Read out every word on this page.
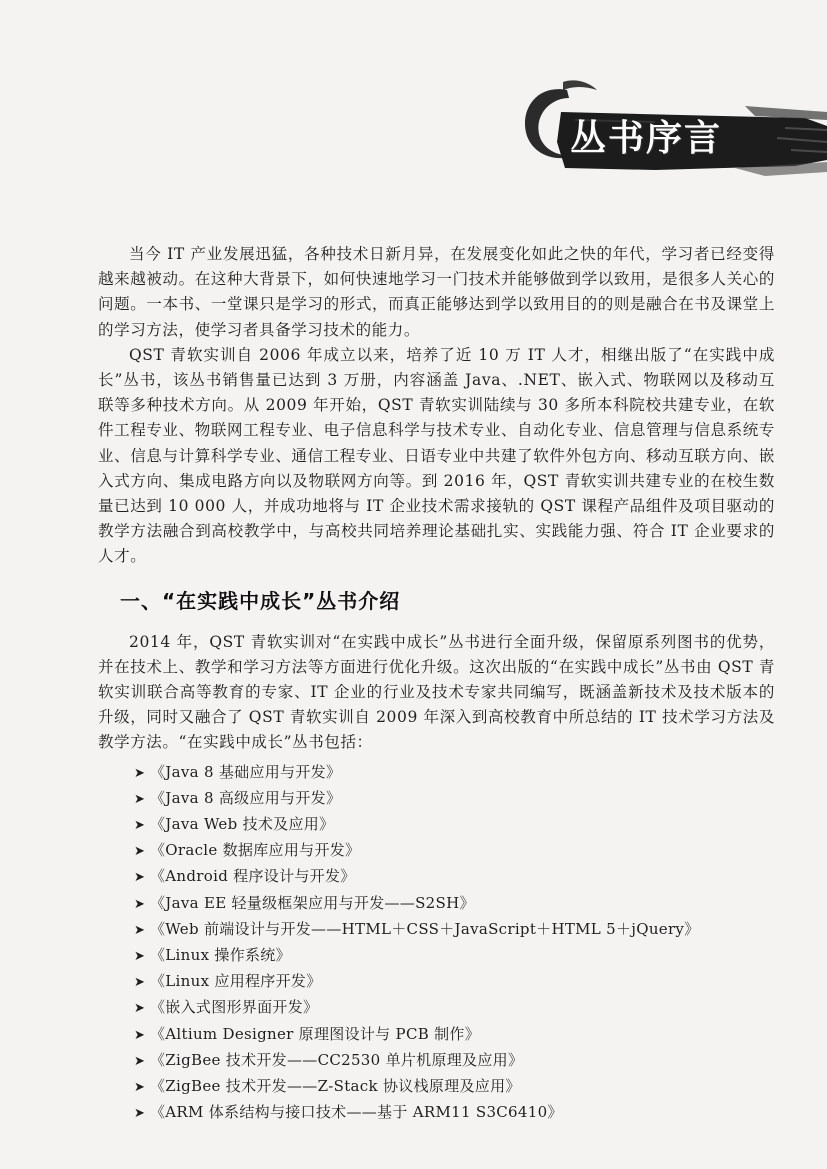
丛书序言

当今 IT 产业发展迅猛，各种技术日新月异，在发展变化如此之快的年代，学习者已经变得越来越被动。在这种大背景下，如何快速地学习一门技术并能够做到学以致用，是很多人关心的问题。一本书、一堂课只是学习的形式，而真正能够达到学以致用目的的则是融合在书及课堂上的学习方法，使学习者具备学习技术的能力。

QST 青软实训自 2006 年成立以来，培养了近 10 万 IT 人才，相继出版了“在实践中成长”丛书，该丛书销售量已达到 3 万册，内容涵盖 Java、.NET、嵌入式、物联网以及移动互联等多种技术方向。从 2009 年开始，QST 青软实训陆续与 30 多所本科院校共建专业，在软件工程专业、物联网工程专业、电子信息科学与技术专业、自动化专业、信息管理与信息系统专业、信息与计算科学专业、通信工程专业、日语专业中共建了软件外包方向、移动互联方向、嵌入式方向、集成电路方向以及物联网方向等。到 2016 年，QST 青软实训共建专业的在校生数量已达到 10 000 人，并成功地将与 IT 企业技术需求接轨的 QST 课程产品组件及项目驱动的教学方法融合到高校教学中，与高校共同培养理论基础扎实、实践能力强、符合 IT 企业要求的人才。

一、“在实践中成长”丛书介绍

2014 年，QST 青软实训对“在实践中成长”丛书进行全面升级，保留原系列图书的优势，并在技术上、教学和学习方法等方面进行优化升级。这次出版的“在实践中成长”丛书由 QST 青软实训联合高等教育的专家、IT 企业的行业及技术专家共同编写，既涵盖新技术及技术版本的升级，同时又融合了 QST 青软实训自 2009 年深入到高校教育中所总结的 IT 技术学习方法及教学方法。“在实践中成长”丛书包括：

➤ 《Java 8 基础应用与开发》
➤ 《Java 8 高级应用与开发》
➤ 《Java Web 技术及应用》
➤ 《Oracle 数据库应用与开发》
➤ 《Android 程序设计与开发》
➤ 《Java EE 轻量级框架应用与开发——S2SH》
➤ 《Web 前端设计与开发——HTML＋CSS＋JavaScript＋HTML 5＋jQuery》
➤ 《Linux 操作系统》
➤ 《Linux 应用程序开发》
➤ 《嵌入式图形界面开发》
➤ 《Altium Designer 原理图设计与 PCB 制作》
➤ 《ZigBee 技术开发——CC2530 单片机原理及应用》
➤ 《ZigBee 技术开发——Z-Stack 协议栈原理及应用》
➤ 《ARM 体系结构与接口技术——基于 ARM11 S3C6410》
